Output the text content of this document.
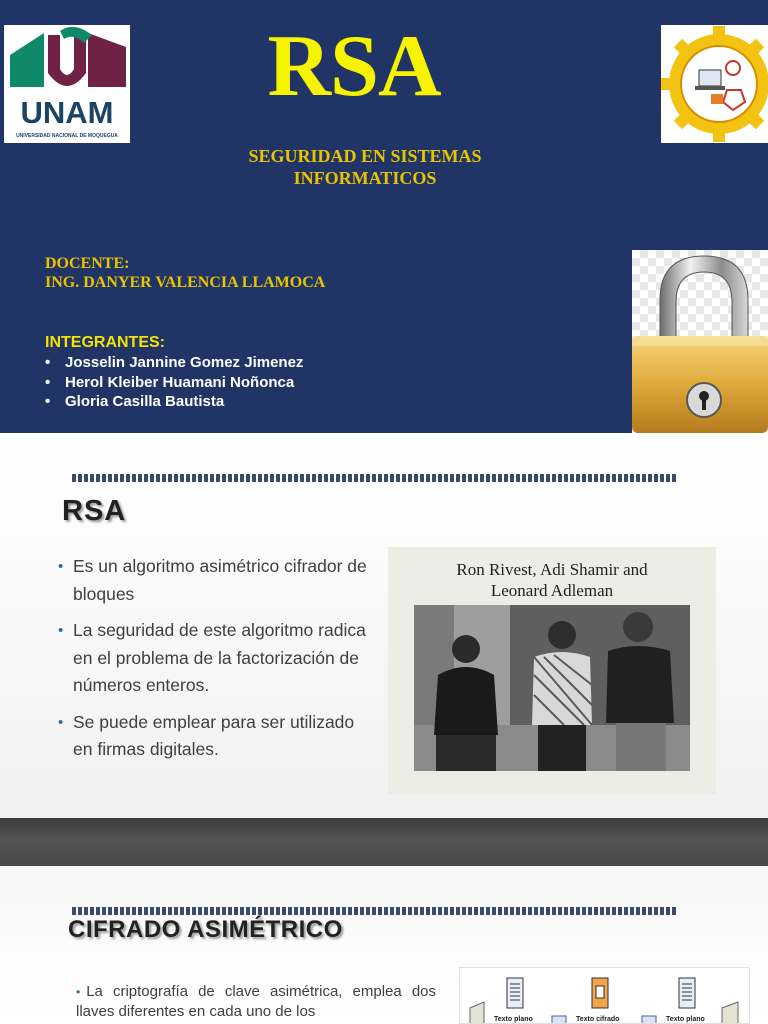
UNAM
UNIVERSIDAD NACIONAL DE MOQUEGUA
RSA
SEGURIDAD EN SISTEMAS
INFORMATICOS
DOCENTE:
ING. DANYER VALENCIA LLAMOCA
INTEGRANTES:
• Josselin Jannine Gomez Jimenez
• Herol Kleiber Huamani Noñonca
• Gloria Casilla Bautista
RSA
• Es un algoritmo asimétrico cifrador de bloques
• La seguridad de este algoritmo radica en el problema de la factorización de números enteros.
• Se puede emplear para ser utilizado en firmas digitales.
Ron Rivest, Adi Shamir and
Leonard Adleman
CIFRADO ASIMÉTRICO
• La criptografía de clave asimétrica, emplea dos llaves diferentes en cada uno de los	Texto plano	Texto cifrado	Texto plano
